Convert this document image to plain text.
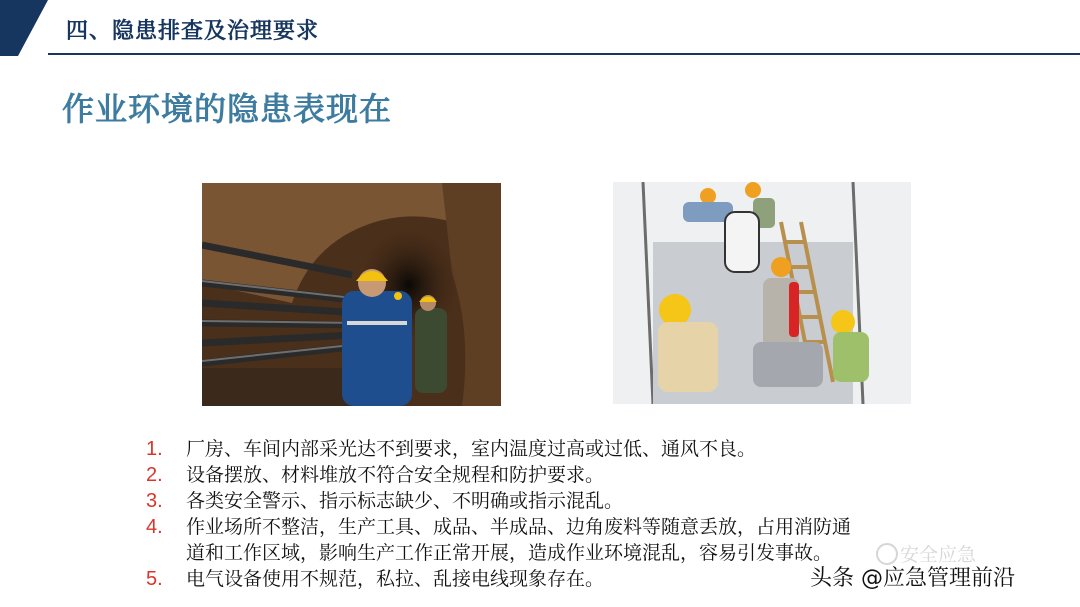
四、隐患排查及治理要求
作业环境的隐患表现在
1. 厂房、车间内部采光达不到要求，室内温度过高或过低、通风不良。
2. 设备摆放、材料堆放不符合安全规程和防护要求。
3. 各类安全警示、指示标志缺少、不明确或指示混乱。
4. 作业场所不整洁，生产工具、成品、半成品、边角废料等随意丢放，占用消防通道和工作区域，影响生产工作正常开展，造成作业环境混乱，容易引发事故。
5. 电气设备使用不规范，私拉、乱接电线现象存在。
安全应急
头条 @应急管理前沿
